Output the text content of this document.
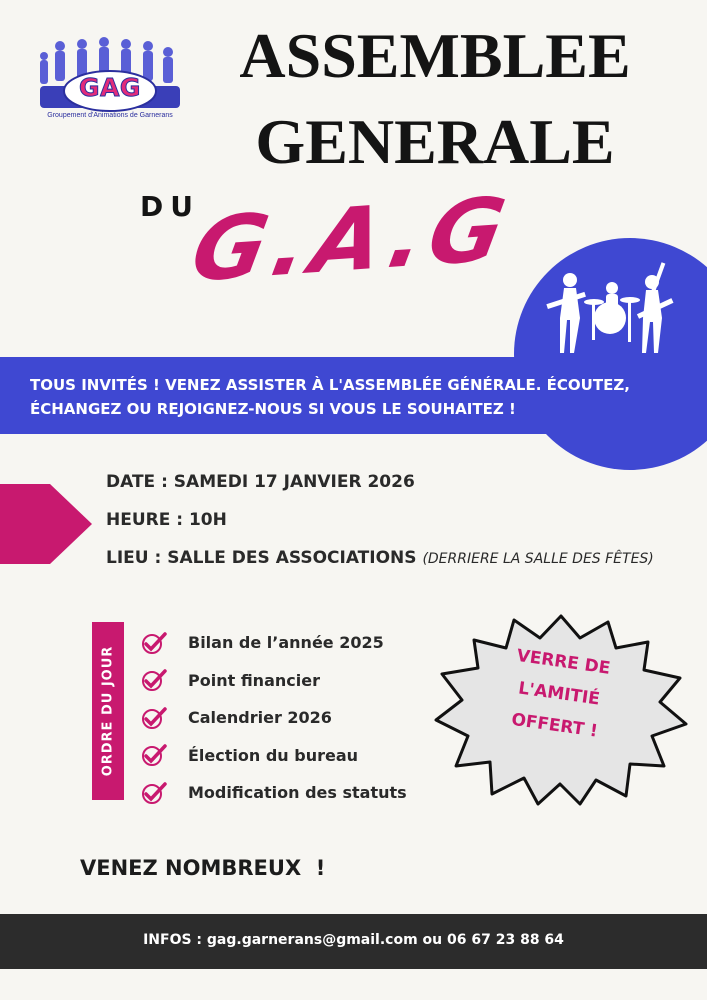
GAG
Groupement d'Animations de Garnerans
ASSEMBLEE
GENERALE
DU
G.A.G
TOUS INVITÉS ! VENEZ ASSISTER À L'ASSEMBLÉE GÉNÉRALE. ÉCOUTEZ, ÉCHANGEZ OU REJOIGNEZ-NOUS SI VOUS LE SOUHAITEZ !
DATE : SAMEDI 17 JANVIER 2026
HEURE : 10H
LIEU : SALLE DES ASSOCIATIONS (DERRIERE LA SALLE DES FÊTES)
ORDRE DU JOUR
Bilan de l’année 2025
Point financier
Calendrier 2026
Élection du bureau
Modification des statuts
VERRE DE
L'AMITIÉ
OFFERT !
VENEZ NOMBREUX  !
INFOS : gag.garnerans@gmail.com ou 06 67 23 88 64
